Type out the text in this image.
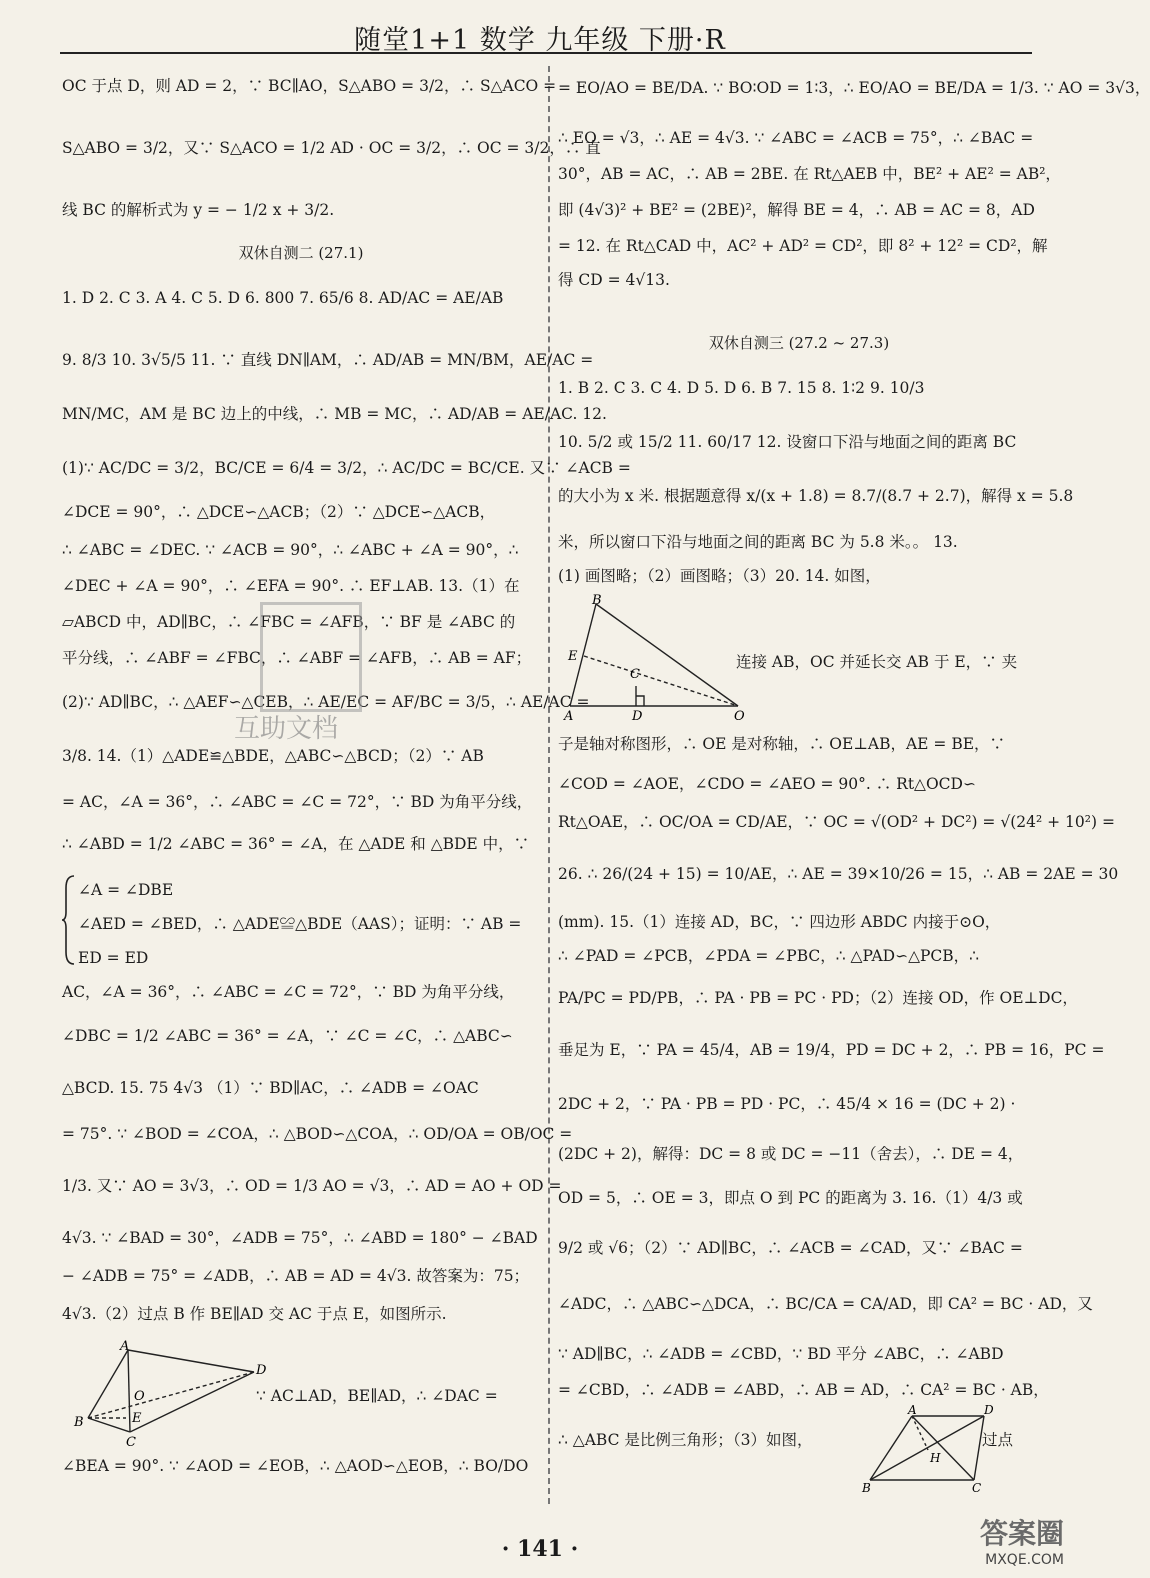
随堂1+1 数学 九年级 下册·R
OC 于点 D，则 AD = 2，∵ BC∥AO，S△ABO = 3/2，∴ S△ACO =
S△ABO = 3/2，又∵ S△ACO = 1/2 AD · OC = 3/2，∴ OC = 3/2，∴ 直
线 BC 的解析式为 y = − 1/2 x + 3/2.
双休自测二 (27.1)
1. D 2. C 3. A 4. C 5. D 6. 800 7. 65/6 8. AD/AC = AE/AB
9. 8/3 10. 3√5/5 11. ∵ 直线 DN∥AM，∴ AD/AB = MN/BM，AE/AC =
MN/MC，AM 是 BC 边上的中线，∴ MB = MC，∴ AD/AB = AE/AC. 12.
(1)∵ AC/DC = 3/2，BC/CE = 6/4 = 3/2，∴ AC/DC = BC/CE. 又∵ ∠ACB =
∠DCE = 90°，∴ △DCE∽△ACB；（2）∵ △DCE∽△ACB，
∴ ∠ABC = ∠DEC. ∵ ∠ACB = 90°，∴ ∠ABC + ∠A = 90°，∴
∠DEC + ∠A = 90°，∴ ∠EFA = 90°. ∴ EF⊥AB. 13.（1）在
▱ABCD 中，AD∥BC，∴ ∠FBC = ∠AFB，∵ BF 是 ∠ABC 的
平分线，∴ ∠ABF = ∠FBC，∴ ∠ABF = ∠AFB，∴ AB = AF；
(2)∵ AD∥BC，∴ △AEF∽△CEB，∴ AE/EC = AF/BC = 3/5，∴ AE/AC =
3/8. 14.（1）△ADE≌△BDE，△ABC∽△BCD；（2）∵ AB
= AC，∠A = 36°，∴ ∠ABC = ∠C = 72°，∵ BD 为角平分线，
∴ ∠ABD = 1/2 ∠ABC = 36° = ∠A，在 △ADE 和 △BDE 中，∵
∠A = ∠DBE
∠AED = ∠BED，∴ △ADE≌△BDE（AAS）；证明：∵ AB =
ED = ED
AC，∠A = 36°，∴ ∠ABC = ∠C = 72°，∵ BD 为角平分线，
∠DBC = 1/2 ∠ABC = 36° = ∠A，∵ ∠C = ∠C，∴ △ABC∽
△BCD. 15. 75 4√3 （1）∵ BD∥AC，∴ ∠ADB = ∠OAC
= 75°. ∵ ∠BOD = ∠COA，∴ △BOD∽△COA，∴ OD/OA = OB/OC =
1/3. 又∵ AO = 3√3，∴ OD = 1/3 AO = √3，∴ AD = AO + OD =
4√3. ∵ ∠BAD = 30°，∠ADB = 75°，∴ ∠ABD = 180° − ∠BAD
− ∠ADB = 75° = ∠ADB，∴ AB = AD = 4√3. 故答案为：75；
4√3.（2）过点 B 作 BE∥AD 交 AC 于点 E，如图所示.
A
D
O
E
B
C
∵ AC⊥AD，BE∥AD，∴ ∠DAC =
∠BEA = 90°. ∵ ∠AOD = ∠EOB，∴ △AOD∽△EOB，∴ BO/DO
互助文档
= EO/AO = BE/DA. ∵ BO∶OD = 1∶3，∴ EO/AO = BE/DA = 1/3. ∵ AO = 3√3，
∴ EO = √3，∴ AE = 4√3. ∵ ∠ABC = ∠ACB = 75°，∴ ∠BAC =
30°，AB = AC，∴ AB = 2BE. 在 Rt△AEB 中，BE² + AE² = AB²，
即 (4√3)² + BE² = (2BE)²，解得 BE = 4，∴ AB = AC = 8，AD
= 12. 在 Rt△CAD 中，AC² + AD² = CD²，即 8² + 12² = CD²，解
得 CD = 4√13.
双休自测三 (27.2 ~ 27.3)
1. B 2. C 3. C 4. D 5. D 6. B 7. 15 8. 1∶2 9. 10/3
10. 5/2 或 15/2 11. 60/17 12. 设窗口下沿与地面之间的距离 BC
的大小为 x 米. 根据题意得 x/(x + 1.8) = 8.7/(8.7 + 2.7)，解得 x = 5.8
米，所以窗口下沿与地面之间的距离 BC 为 5.8 米。。 13.
(1) 画图略；（2）画图略；（3）20. 14. 如图，
B
E
C
A	D	O
连接 AB，OC 并延长交 AB 于 E，∵ 夹
子是轴对称图形，∴ OE 是对称轴，∴ OE⊥AB，AE = BE，∵
∠COD = ∠AOE，∠CDO = ∠AEO = 90°. ∴ Rt△OCD∽
Rt△OAE，∴ OC/OA = CD/AE，∵ OC = √(OD² + DC²) = √(24² + 10²) =
26. ∴ 26/(24 + 15) = 10/AE，∴ AE = 39×10/26 = 15，∴ AB = 2AE = 30
(mm). 15.（1）连接 AD，BC，∵ 四边形 ABDC 内接于⊙O，
∴ ∠PAD = ∠PCB，∠PDA = ∠PBC，∴ △PAD∽△PCB，∴
PA/PC = PD/PB，∴ PA · PB = PC · PD；（2）连接 OD，作 OE⊥DC，
垂足为 E，∵ PA = 45/4，AB = 19/4，PD = DC + 2，∴ PB = 16，PC =
2DC + 2，∵ PA · PB = PD · PC，∴ 45/4 × 16 = (DC + 2) ·
(2DC + 2)，解得：DC = 8 或 DC = −11（舍去），∴ DE = 4，
OD = 5，∴ OE = 3，即点 O 到 PC 的距离为 3. 16.（1）4/3 或
9/2 或 √6；（2）∵ AD∥BC，∴ ∠ACB = ∠CAD，又∵ ∠BAC =
∠ADC，∴ △ABC∽△DCA，∴ BC/CA = CA/AD，即 CA² = BC · AD，又
∵ AD∥BC，∴ ∠ADB = ∠CBD，∵ BD 平分 ∠ABC，∴ ∠ABD
= ∠CBD，∴ ∠ADB = ∠ABD，∴ AB = AD，∴ CA² = BC · AB，
∴ △ABC 是比例三角形；（3）如图，	过点
A	D
H
B	C
· 141 ·	答案圈
MXQE.COM
